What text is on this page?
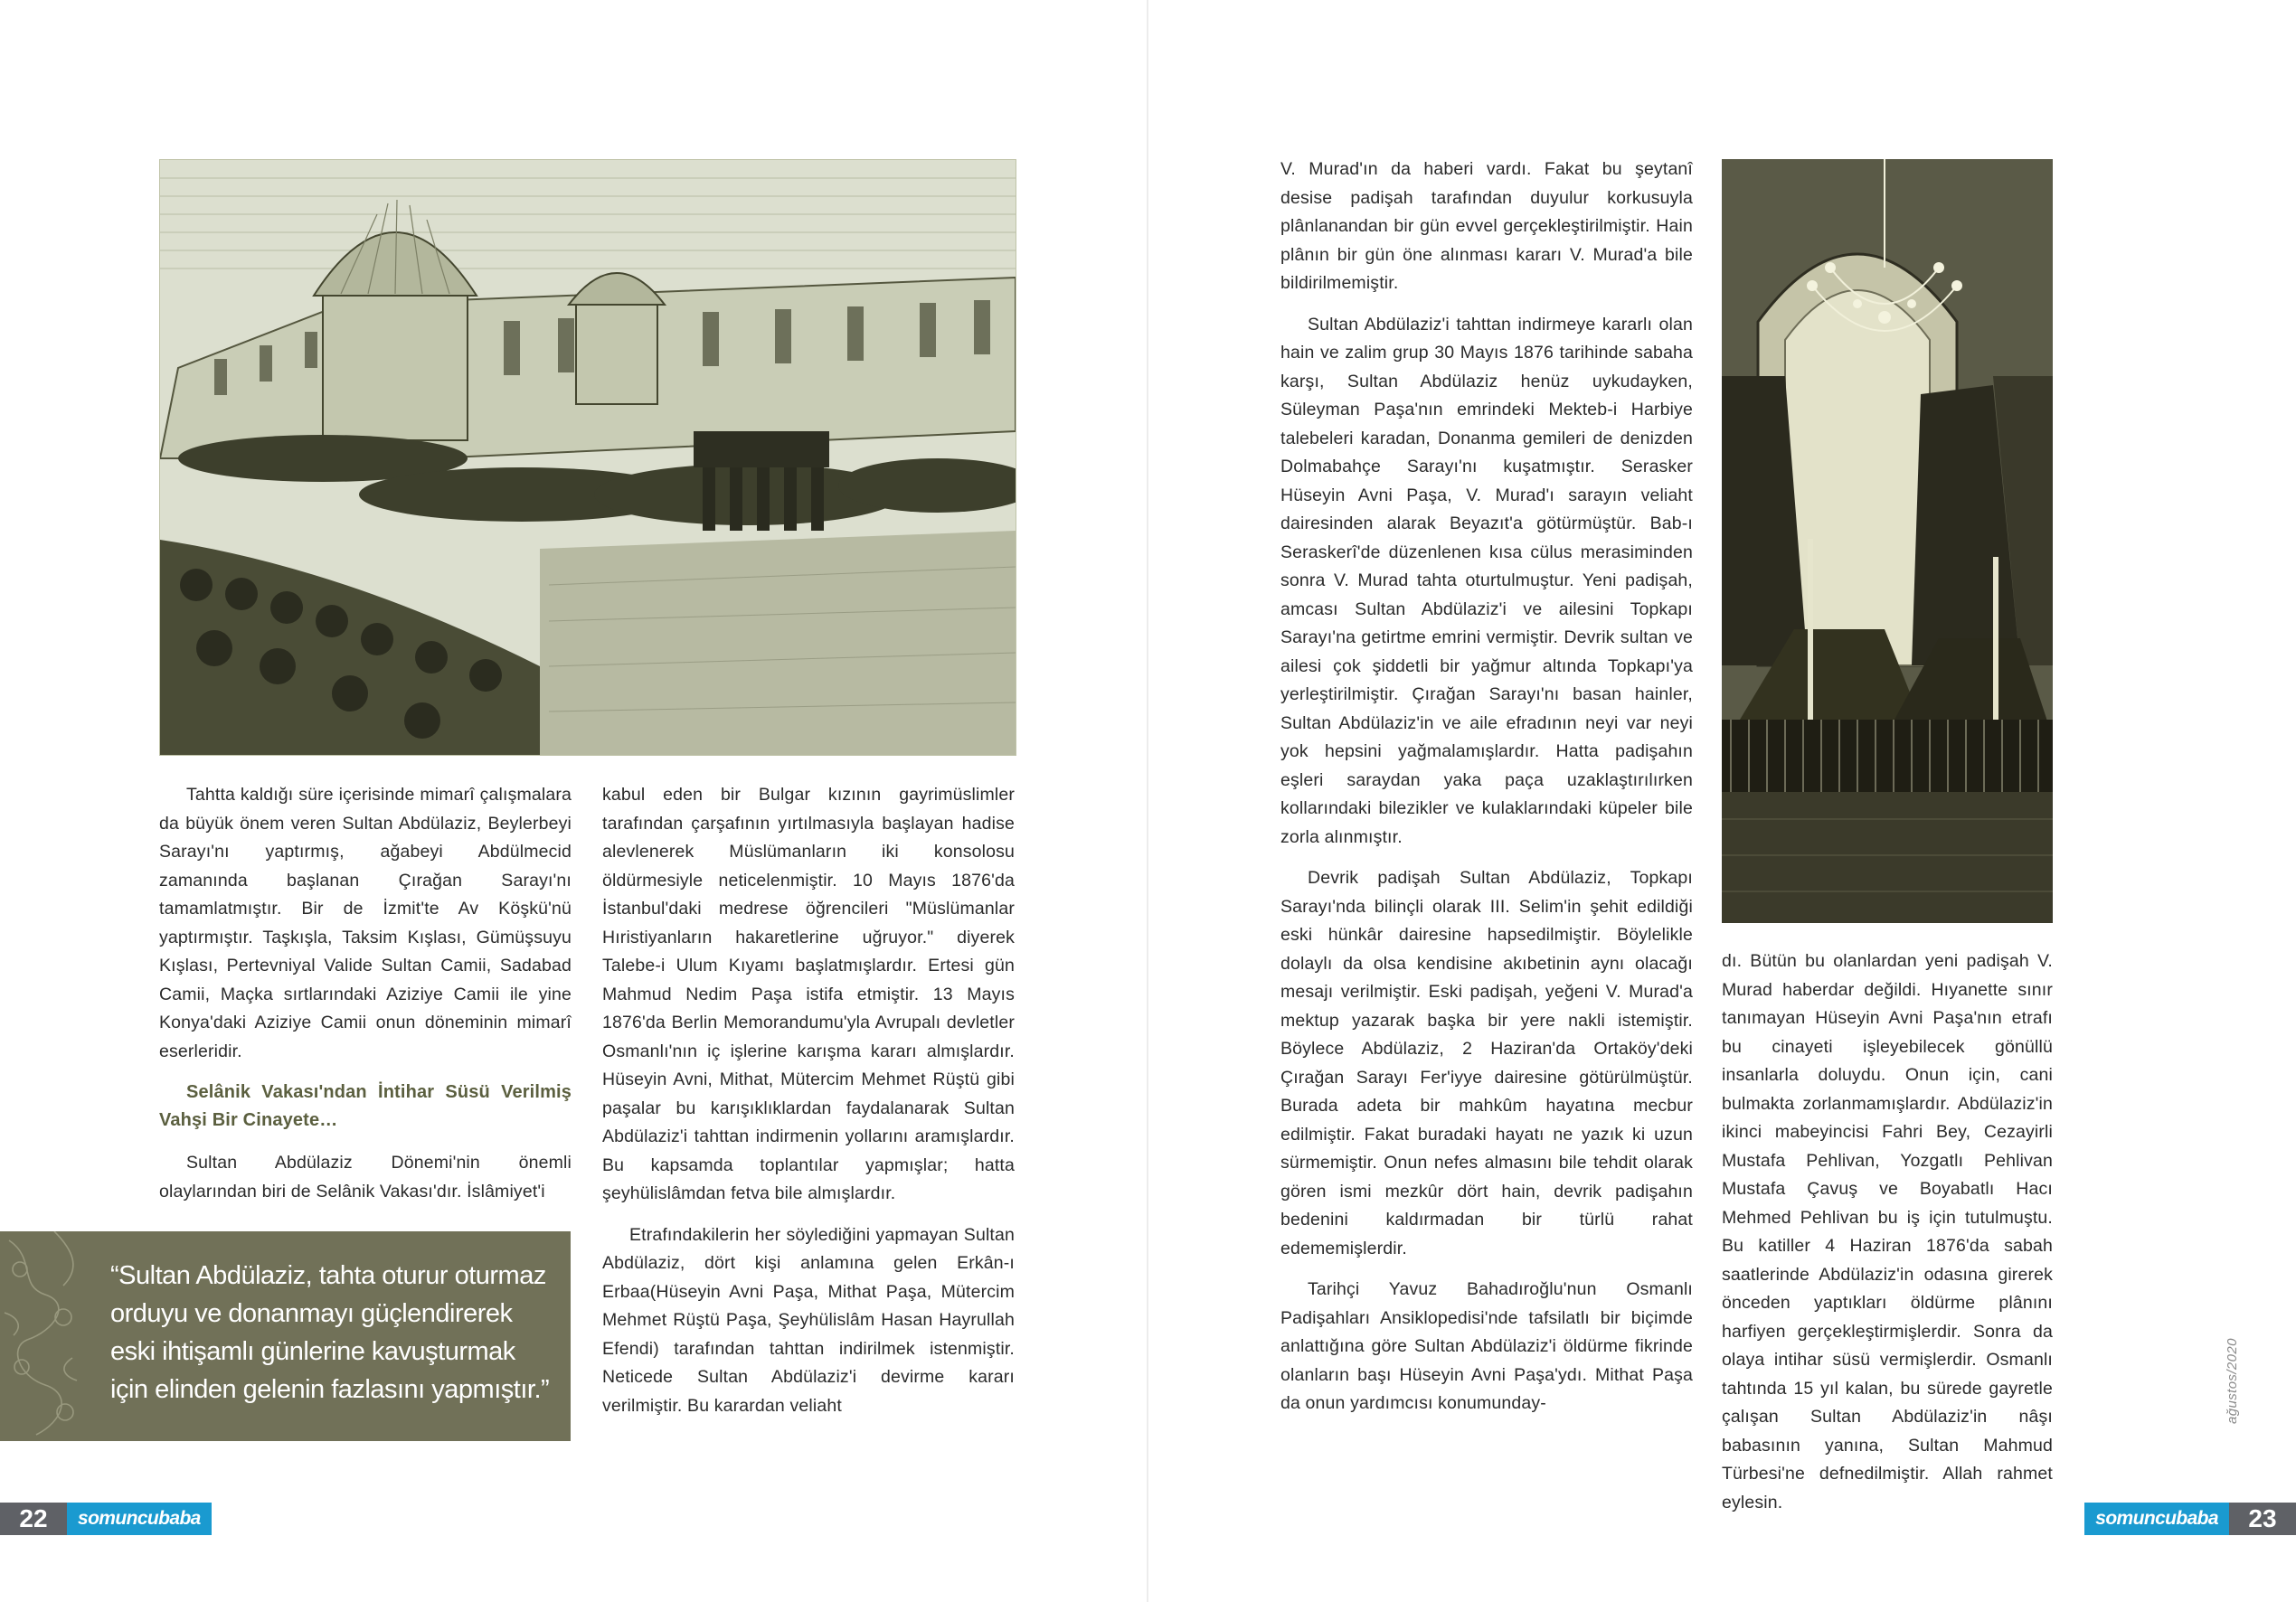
Tahtta kaldığı süre içerisinde mimarî çalışmalara da büyük önem veren Sultan Abdülaziz, Beylerbeyi Sarayı'nı yaptırmış, ağabeyi Abdülmecid zamanında başlanan Çırağan Sarayı'nı tamamlatmıştır. Bir de İzmit'te Av Köşkü'nü yaptırmıştır. Taşkışla, Taksim Kışlası, Gümüşsuyu Kışlası, Pertevniyal Valide Sultan Camii, Sadabad Camii, Maçka sırtlarındaki Aziziye Camii ile yine Konya'daki Aziziye Camii onun döneminin mimarî eserleridir.

Selânik Vakası'ndan İntihar Süsü Verilmiş Vahşi Bir Cinayete…

Sultan Abdülaziz Dönemi'nin önemli olaylarından biri de Selânik Vakası'dır. İslâmiyet'i

kabul eden bir Bulgar kızının gayrimüslimler tarafından çarşafının yırtılmasıyla başlayan hadise alevlenerek Müslümanların iki konsolosu öldürmesiyle neticelenmiştir. 10 Mayıs 1876'da İstanbul'daki medrese öğrencileri "Müslümanlar Hıristiyanların hakaretlerine uğruyor." diyerek Talebe-i Ulum Kıyamı başlatmışlardır. Ertesi gün Mahmud Nedim Paşa istifa etmiştir. 13 Mayıs 1876'da Berlin Memorandumu'yla Avrupalı devletler Osmanlı'nın iç işlerine karışma kararı almışlardır. Hüseyin Avni, Mithat, Mütercim Mehmet Rüştü gibi paşalar bu karışıklıklardan faydalanarak Sultan Abdülaziz'i tahttan indirmenin yollarını aramışlardır. Bu kapsamda toplantılar yapmışlar; hatta şeyhülislâmdan fetva bile almışlardır.

Etrafındakilerin her söylediğini yapmayan Sultan Abdülaziz, dört kişi anlamına gelen Erkân-ı Erbaa(Hüseyin Avni Paşa, Mithat Paşa, Mütercim Mehmet Rüştü Paşa, Şeyhülislâm Hasan Hayrullah Efendi) tarafından tahttan indirilmek istenmiştir. Neticede Sultan Abdülaziz'i devirme kararı verilmiştir. Bu karardan veliaht

“Sultan Abdülaziz, tahta oturur oturmaz orduyu ve donanmayı güçlendirerek eski ihtişamlı günlerine kavuşturmak için elinden gelenin fazlasını yapmıştır.”
22	somuncubaba

V. Murad'ın da haberi vardı. Fakat bu şeytanî desise padişah tarafından duyulur korkusuyla plânlanandan bir gün evvel gerçekleştirilmiştir. Hain plânın bir gün öne alınması kararı V. Murad'a bile bildirilmemiştir.

Sultan Abdülaziz'i tahttan indirmeye kararlı olan hain ve zalim grup 30 Mayıs 1876 tarihinde sabaha karşı, Sultan Abdülaziz henüz uykudayken, Süleyman Paşa'nın emrindeki Mekteb-i Harbiye talebeleri karadan, Donanma gemileri de denizden Dolmabahçe Sarayı'nı kuşatmıştır. Serasker Hüseyin Avni Paşa, V. Murad'ı sarayın veliaht dairesinden alarak Beyazıt'a götürmüştür. Bab-ı Seraskerî'de düzenlenen kısa cülus merasiminden sonra V. Murad tahta oturtulmuştur. Yeni padişah, amcası Sultan Abdülaziz'i ve ailesini Topkapı Sarayı'na getirtme emrini vermiştir. Devrik sultan ve ailesi çok şiddetli bir yağmur altında Topkapı'ya yerleştirilmiştir. Çırağan Sarayı'nı basan hainler, Sultan Abdülaziz'in ve aile efradının neyi var neyi yok hepsini yağmalamışlardır. Hatta padişahın eşleri saraydan yaka paça uzaklaştırılırken kollarındaki bilezikler ve kulaklarındaki küpeler bile zorla alınmıştır.

Devrik padişah Sultan Abdülaziz, Topkapı Sarayı'nda bilinçli olarak III. Selim'in şehit edildiği eski hünkâr dairesine hapsedilmiştir. Böylelikle dolaylı da olsa kendisine akıbetinin aynı olacağı mesajı verilmiştir. Eski padişah, yeğeni V. Murad'a mektup yazarak başka bir yere nakli istemiştir. Böylece Abdülaziz, 2 Haziran'da Ortaköy'deki Çırağan Sarayı Fer'iyye dairesine götürülmüştür. Burada adeta bir mahkûm hayatına mecbur edilmiştir. Fakat buradaki hayatı ne yazık ki uzun sürmemiştir. Onun nefes almasını bile tehdit olarak gören ismi mezkûr dört hain, devrik padişahın bedenini kaldırmadan bir türlü rahat edememişlerdir.

Tarihçi Yavuz Bahadıroğlu'nun Osmanlı Padişahları Ansiklopedisi'nde tafsilatlı bir biçimde anlattığına göre Sultan Abdülaziz'i öldürme fikrinde olanların başı Hüseyin Avni Paşa'ydı. Mithat Paşa da onun yardımcısı konumunday-

dı. Bütün bu olanlardan yeni padişah V. Murad haberdar değildi. Hıyanette sınır tanımayan Hüseyin Avni Paşa'nın etrafı bu cinayeti işleyebilecek gönüllü insanlarla doluydu. Onun için, cani bulmakta zorlanmamışlardır. Abdülaziz'in ikinci mabeyincisi Fahri Bey, Cezayirli Mustafa Pehlivan, Yozgatlı Pehlivan Mustafa Çavuş ve Boyabatlı Hacı Mehmed Pehlivan bu iş için tutulmuştu. Bu katiller 4 Haziran 1876'da sabah saatlerinde Abdülaziz'in odasına girerek önceden yaptıkları öldürme plânını harfiyen gerçekleştirmişlerdir. Sonra da olaya intihar süsü vermişlerdir. Osmanlı tahtında 15 yıl kalan, bu sürede gayretle çalışan Sultan Abdülaziz'in nâşı babasının yanına, Sultan Mahmud Türbesi'ne defnedilmiştir. Allah rahmet eylesin.

ağustos/2020
somuncubaba	23
